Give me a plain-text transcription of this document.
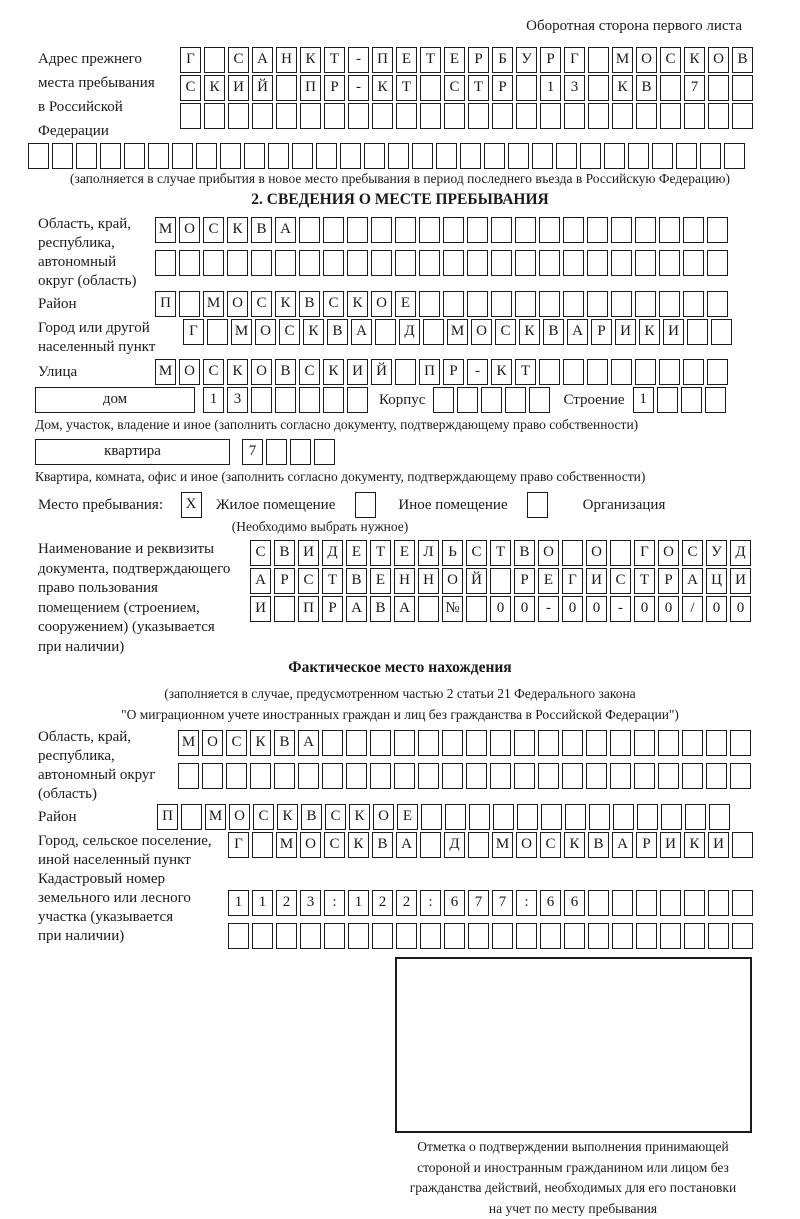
Оборотная сторона первого листа
Адрес прежнего
места пребывания
в Российской
Федерации
Г	С А Н К Т - П Е Т Е Р Б У Р Г М О С К О В
С К И Й П Р - К Т	С Т Р	1 3	К В	7
(заполняется в случае прибытия в новое место пребывания в период последнего въезда в Российскую Федерацию)
2. СВЕДЕНИЯ О МЕСТЕ ПРЕБЫВАНИЯ
Область, край,
республика,
автономный
округ (область)
М О С К В А
Район	П М О С К В С К О Е
Город или другой
населенный пункт
Г М О С К В А Д М О С К В А Р И К И
Улица	М О С К О В С К И Й П Р - К Т
дом	1 3	Корпус	Строение 1
Дом, участок, владение и иное (заполнить согласно документу, подтверждающему право собственности)
квартира	7
Квартира, комната, офис и иное (заполнить согласно документу, подтверждающему право собственности)
Место пребывания: X Жилое помещение	Иное помещение	Организация
(Необходимо выбрать нужное)
Наименование и реквизиты
документа, подтверждающего
право пользования
помещением (строением,
сооружением) (указывается
при наличии)
С В И Д Е Т Е Л Ь С Т В О О	Г О С У Д
А Р С Т В Е Н Н О Й	Р Е Г И С Т Р А Ц И
И П Р А В А № 0 0 - 0 0 - 0 0 / 0 0
Фактическое место нахождения
(заполняется в случае, предусмотренном частью 2 статьи 21 Федерального закона
"О миграционном учете иностранных граждан и лиц без гражданства в Российской Федерации")
Область, край,
республика,
автономный округ
(область)
М О С К В А
Район	П М О С К В С К О Е
Город, сельское поселение,
иной населенный пункт
Г М О С К В А Д М О С К В А Р И К И
Кадастровый номер
земельного или лесного
участка (указывается
при наличии)
1 1 2 3 : 1 2 2 : 6 7 7 : 6 6
Отметка о подтверждении выполнения принимающей
стороной и иностранным гражданином или лицом без
гражданства действий, необходимых для его постановки
на учет по месту пребывания
